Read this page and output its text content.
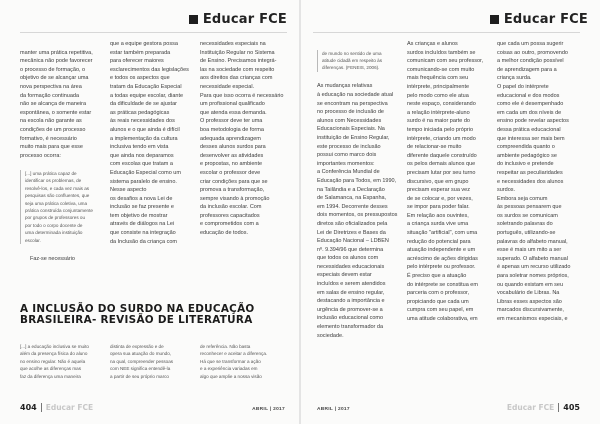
Educar FCE

manter uma prática repetitiva,
mecânica não pode favorecer
o processo de formação, o
objetivo de se alcançar uma
nova perspectiva na área
da formação continuada
não se alcança de maneira
espontânea, o somente estar
na escola não garante as
condições de um processo
formativo, é necessário
muito mais para que esse
processo ocorra:

[...] uma prática capaz de
identificar os problemas, de
resolvê-los, e cada vez mais as
pesquisas são confluentes, que
seja uma prática coletiva, uma
prática construída conjuntamente
por grupos de professores ou
por todo o corpo docente de
uma determinada instituição
escolar.

Faz-se necessário

que a equipe gestora possa
estar também preparada
para oferecer maiores
esclarecimentos das legislações
e todos os aspectos que
tratam da Educação Especial
a todas equipe escolar, diante
da dificuldade de se ajustar
as práticas pedagógicas
às reais necessidades dos
alunos e o que ainda é difícil
a implementação da cultura
inclusiva tendo em vista
que ainda nos deparamos
com escolas que tratam a
Educação Especial como um
sistema paralelo de ensino.
Nesse aspecto
os desafios a nova Lei de
inclusão se faz presente e
tem objetivo de mostrar
através de diálogos na Lei
que consiste na integração
da Inclusão da criança com
necessidades especiais na
Instituição Regular no Sistema
de Ensino. Precisamos integrá-
las na sociedade com respeito
aos direitos das crianças com
necessidade especial.
Para que isso ocorra é necessário
um profissional qualificado
que atenda essa demanda.
O professor deve ter uma
boa metodologia de forma
adequada aprendizagem
desses alunos surdos para
desenvolver as atividades
e propostas, no ambiente
escolar o professor deve
criar condições para que se
promova a transformação,
sempre visando à promoção
da inclusão escolar. Com
professores capacitados
e comprometidos com a
educação de todos.
A INCLUSÃO DO SURDO NA EDUCAÇÃO
BRASILEIRA- REVISÃO DE LITERATURA

[...] a educação inclusiva se muito
além da presença física do aluno
no ensino regular. Não é aquela
que acolhe as diferenças mas
faz da diferença uma maneira

distinta de expressão e de
opera sua atuação do mundo,
na qual, compreender pessoas
com NEE significa entendê-la
a partir de seu próprio marco

de referência. Não basta
reconhecer e aceitar a diferença.
Há que se transformar a ação
e a experiência variadas em
algo que amplie a nossa visão

404 Educar FCE	ABRIL | 2017
Educar FCE

de mundo no sentido de uma
atitude cidadã em respeito às
diferenças. (FENEIS, 2006).

As mudanças relativas
à educação na sociedade atual
se encontram na perspectiva
no processo de inclusão de
alunos com Necessidades
Educacionais Especiais. Na
instituição de Ensino Regular,
este processo de inclusão
possui como marco dois
importantes momentos:
a Conferência Mundial de
Educação para Todos, em 1990,
na Tailândia e a Declaração
de Salamanca, na Espanha,
em 1994. Decorrente desses
dois momentos, os pressupostos
diretos são oficializados pela
Lei de Diretrizes e Bases da
Educação Nacional – LDBEN
nº. 9.394/96 que determina
que todos os alunos com
necessidades educacionais
especiais devem estar
incluídos e serem atendidos
em salas de ensino regular,
destacando a importância e
urgência de promover-se a
inclusão educacional como
elemento transformador da
sociedade.

As crianças e alunos
surdos incluídos também se
comunicam com seu professor,
comunicando-se com muito
mais frequência com seu
intérprete, principalmente
pelo modo como ele atua
neste espaço, considerando
a relação intérprete-aluno
surdo é na maior parte do
tempo iniciada pelo próprio
intérprete, criando um modo
de relacionar-se muito
diferente daquele construído
os pelos demais alunos que
precisam lutar por seu turno
discursivo, que em grupo
precisam esperar sua vez
de se colocar e, por vezes,
se impor para poder falar.
Em relação aos ouvintes,
a criança surda vive uma
situação "artificial", com uma
redução do potencial para
atuação independente e um
acréscimo de ações dirigidas
pelo intérprete ou professor.
É preciso que a atuação
do intérprete se constitua em
parceria com o professor,
propiciando que cada um
cumpra com seu papel, em
uma atitude colaborativa, em
que cada um possa sugerir
coisas ao outro, promovendo
a melhor condição possível
de aprendizagem para a
criança surda.
O papel do intérprete
educacional e dos modos
como ele é desempenhado
em cada um dos níveis de
ensino pode revelar aspectos
dessa prática educacional
que interessa ser mais bem
compreendida quanto o
ambiente pedagógico se
do inclusivo e pretende
respeitar as peculiaridades
e necessidades dos alunos
surdos.
Embora seja comum
às pessoas pensarem que
os surdos se comunicam
soletrando palavras do
português, utilizando-se
palavras do alfabeto manual,
esse é mais um mito a ser
superado. O alfabeto manual
é apenas um recurso utilizado
para soletrar nomes próprios,
ou quando existam em seu
vocabulário de Libras. Na
Libras esses aspectos são
marcados discursivamente,
em mecanismos especiais, e
ABRIL | 2017	Educar FCE 405
